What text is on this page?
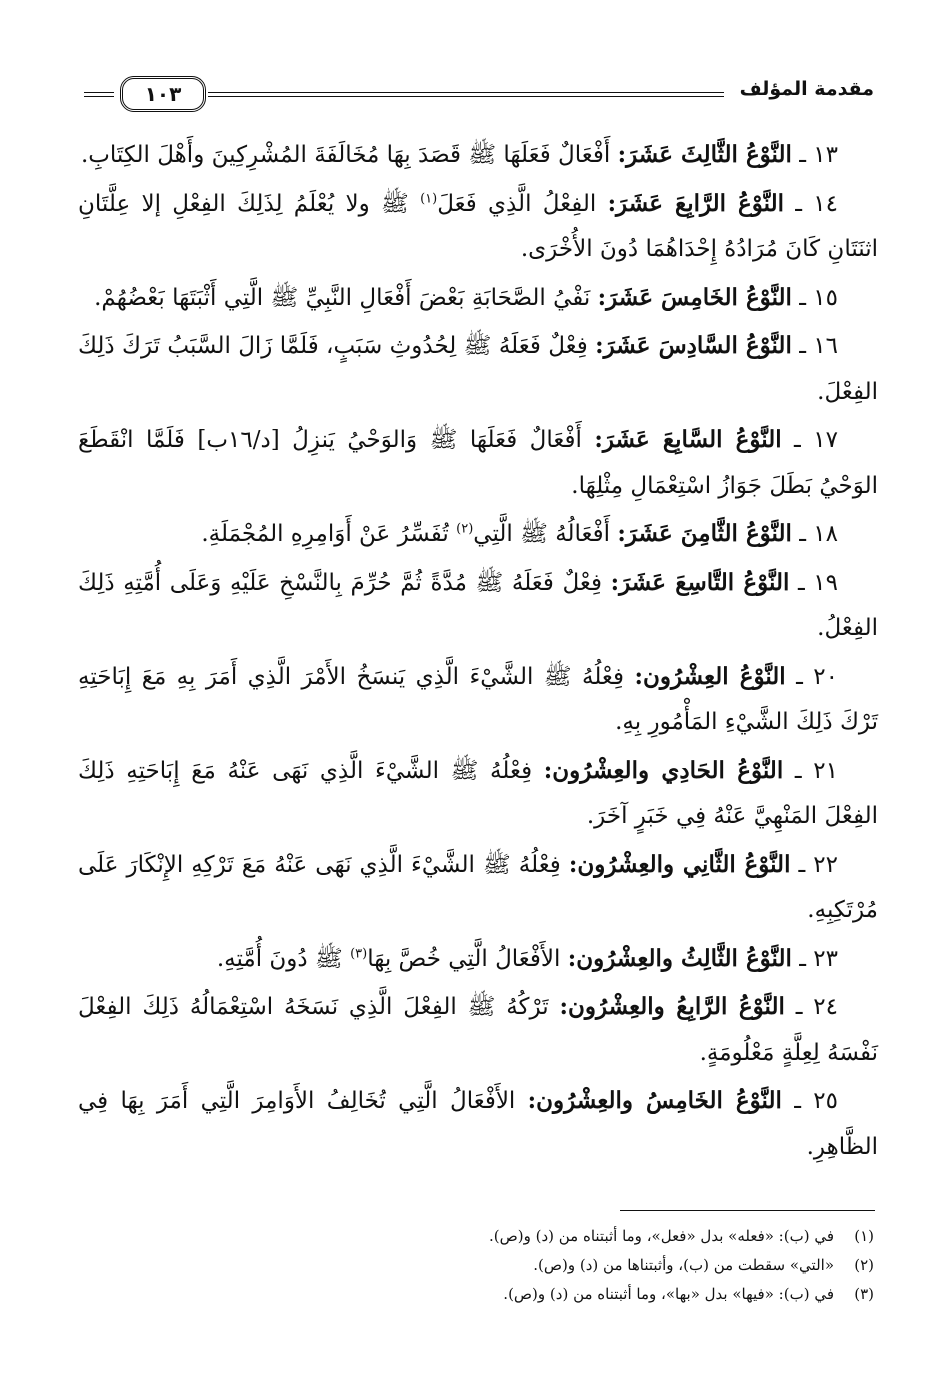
١٠٣	مقدمة المؤلف

١٣ ـ النَّوْعُ الثَّالِثَ عَشَرَ: أَفْعَالٌ فَعَلَهَا ﷺ قَصَدَ بِهَا مُخَالَفَةَ المُشْرِكِينَ وأَهْلَ الكِتَابِ.

١٤ ـ النَّوْعُ الرَّابِعَ عَشَرَ: الفِعْلُ الَّذِي فَعَلَ$^{(١)}$ ﷺ ولا يُعْلَمُ لِذَلِكَ الفِعْلِ إلا عِلَّتَانِ اثنَتَانِ كَانَ مُرَادُهُ إِحْدَاهُمَا دُونَ الأُخْرَى.

١٥ ـ النَّوْعُ الخَامِسَ عَشَرَ: نَفْيُ الصَّحَابَةِ بَعْضَ أَفْعَالِ النَّبِيِّ ﷺ الَّتِي أَثْبَتَهَا بَعْضُهُمْ.

١٦ ـ النَّوْعُ السَّادِسَ عَشَرَ: فِعْلٌ فَعَلَهُ ﷺ لِحُدُوثِ سَبَبٍ، فَلَمَّا زَالَ السَّبَبُ تَرَكَ ذَلِكَ الفِعْلَ.

١٧ ـ النَّوْعُ السَّابِعَ عَشَرَ: أَفْعَالٌ فَعَلَهَا ﷺ وَالوَحْيُ يَنزِلُ [د/١٦ب] فَلَمَّا انْقَطَعَ الوَحْيُ بَطَلَ جَوَازُ اسْتِعْمَالِ مِثْلِهَا.

١٨ ـ النَّوْعُ الثَّامِنَ عَشَرَ: أَفْعَالُهُ ﷺ الَّتِي$^{(٢)}$ تُفَسِّرُ عَنْ أَوَامِرِهِ المُجْمَلَةِ.

١٩ ـ النَّوْعُ التَّاسِعَ عَشَرَ: فِعْلٌ فَعَلَهُ ﷺ مُدَّةً ثُمَّ حُرِّمَ بِالنَّسْخِ عَلَيْهِ وَعَلَى أُمَّتِهِ ذَلِكَ الفِعْلُ.

٢٠ ـ النَّوْعُ العِشْرُون: فِعْلُهُ ﷺ الشَّيْءَ الَّذِي يَنسَخُ الأَمْرَ الَّذِي أَمَرَ بِهِ مَعَ إِبَاحَتِهِ تَرْكَ ذَلِكَ الشَّيْءِ المَأْمُورِ بِهِ.

٢١ ـ النَّوْعُ الحَادِي والعِشْرُون: فِعْلُهُ ﷺ الشَّيْءَ الَّذِي نَهَى عَنْهُ مَعَ إِبَاحَتِهِ ذَلِكَ الفِعْلَ المَنْهِيَّ عَنْهُ فِي خَبَرٍ آخَرَ.

٢٢ ـ النَّوْعُ الثَّانِي والعِشْرُون: فِعْلُهُ ﷺ الشَّيْءَ الَّذِي نَهَى عَنْهُ مَعَ تَرْكِهِ الإِنْكَارَ عَلَى مُرْتَكِبِهِ.

٢٣ ـ النَّوْعُ الثَّالِثُ والعِشْرُون: الأَفْعَالُ الَّتِي خُصَّ بِهَا$^{(٣)}$ ﷺ دُونَ أُمَّتِهِ.

٢٤ ـ النَّوْعُ الرَّابِعُ والعِشْرُون: تَرْكُهُ ﷺ الفِعْلَ الَّذِي نَسَخَهُ اسْتِعْمَالُهُ ذَلِكَ الفِعْلَ نَفْسَهُ لِعِلَّةٍ مَعْلُومَةٍ.

٢٥ ـ النَّوْعُ الخَامِسُ والعِشْرُون: الأَفْعَالُ الَّتِي تُخَالِفُ الأَوَامِرَ الَّتِي أَمَرَ بِهَا فِي الظَّاهِرِ.

(١)في (ب): «فعله» بدل «فعل»، وما أثبتناه من (د) و(ص).
(٢)«التي» سقطت من (ب)، وأثبتناها من (د) و(ص).
(٣)في (ب): «فيها» بدل «بها»، وما أثبتناه من (د) و(ص).
